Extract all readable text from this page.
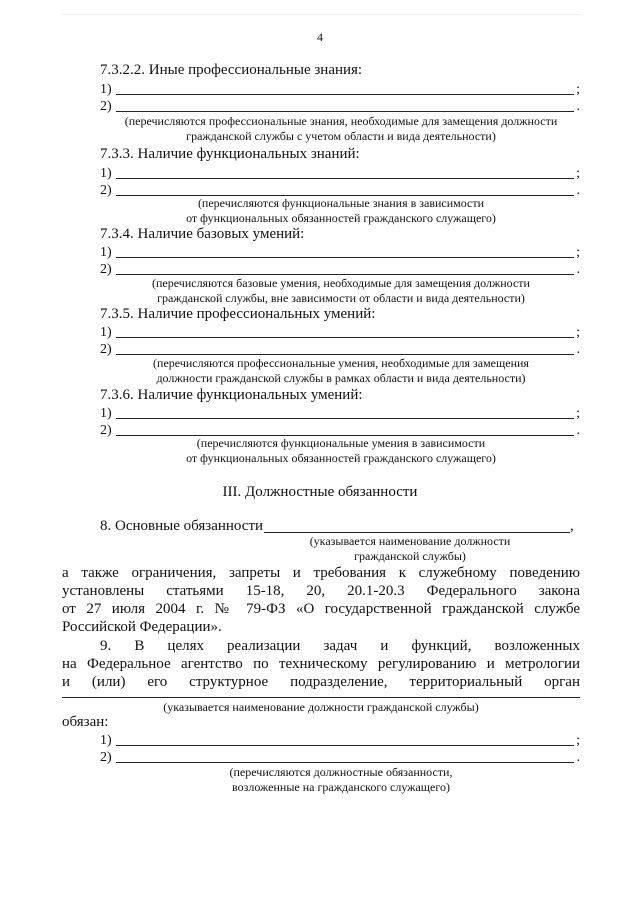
4
7.3.2.2. Иные профессиональные знания:
1)	;
2)	.
(перечисляются профессиональные знания, необходимые для замещения должности
гражданской службы с учетом области и вида деятельности)
7.3.3. Наличие функциональных знаний:
1)	;
2)	.
(перечисляются функциональные знания в зависимости
от функциональных обязанностей гражданского служащего)
7.3.4. Наличие базовых умений:
1)	;
2)	.
(перечисляются базовые умения, необходимые для замещения должности
гражданской службы, вне зависимости от области и вида деятельности)
7.3.5. Наличие профессиональных умений:
1)	;
2)	.
(перечисляются профессиональные умения, необходимые для замещения
должности гражданской службы в рамках области и вида деятельности)
7.3.6. Наличие функциональных умений:
1)	;
2)	.
(перечисляются функциональные умения в зависимости
от функциональных обязанностей гражданского служащего)
III. Должностные обязанности
8. Основные обязанности	,
(указывается наименование должности
гражданской службы)
а также ограничения, запреты и требования к служебному поведению
установлены статьями 15-18, 20, 20.1-20.3 Федерального закона
от 27 июля 2004 г. № 79-ФЗ «О государственной гражданской службе
Российской Федерации».
9. В целях реализации задач и функций, возложенных
на Федеральное агентство по техническому регулированию и метрологии
и (или) его структурное подразделение, территориальный орган
(указывается наименование должности гражданской службы)
обязан:
1)	;
2)	.
(перечисляются должностные обязанности,
возложенные на гражданского служащего)
